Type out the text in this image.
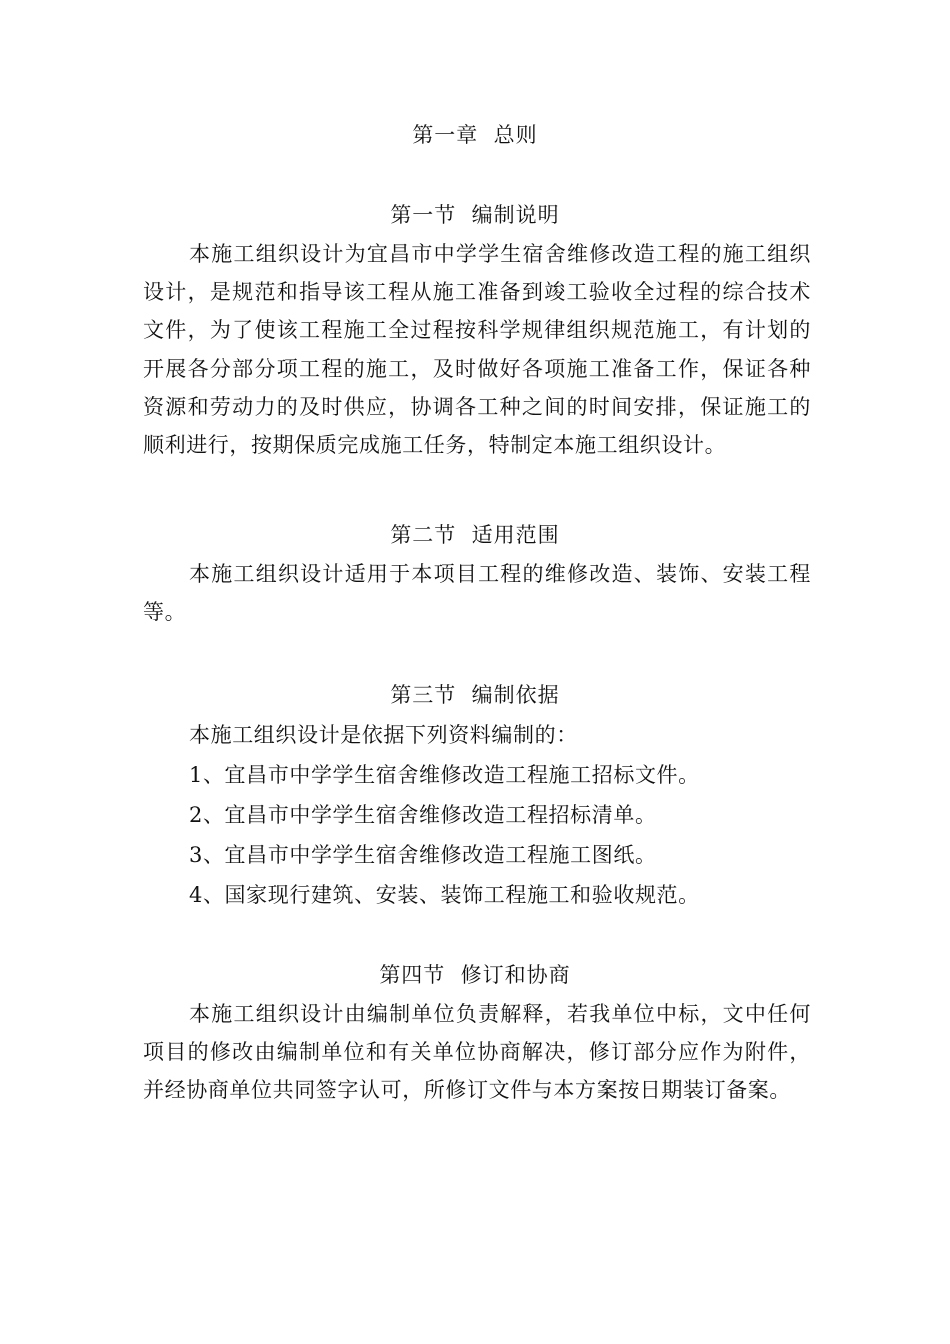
第一章  总则
第一节  编制说明
本施工组织设计为宜昌市中学学生宿舍维修改造工程的施工组织设计，是规范和指导该工程从施工准备到竣工验收全过程的综合技术文件，为了使该工程施工全过程按科学规律组织规范施工，有计划的开展各分部分项工程的施工，及时做好各项施工准备工作，保证各种资源和劳动力的及时供应，协调各工种之间的时间安排，保证施工的顺利进行，按期保质完成施工任务，特制定本施工组织设计。
第二节  适用范围
本施工组织设计适用于本项目工程的维修改造、装饰、安装工程等。
第三节  编制依据
本施工组织设计是依据下列资料编制的：
1、宜昌市中学学生宿舍维修改造工程施工招标文件。
2、宜昌市中学学生宿舍维修改造工程招标清单。
3、宜昌市中学学生宿舍维修改造工程施工图纸。
4、国家现行建筑、安装、装饰工程施工和验收规范。
第四节  修订和协商
本施工组织设计由编制单位负责解释，若我单位中标，文中任何项目的修改由编制单位和有关单位协商解决，修订部分应作为附件，并经协商单位共同签字认可，所修订文件与本方案按日期装订备案。
